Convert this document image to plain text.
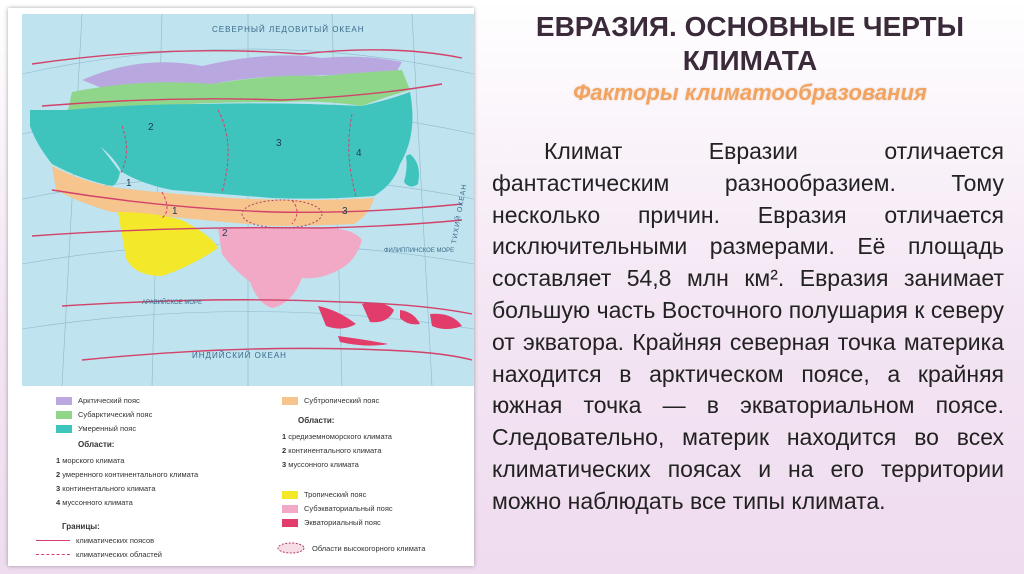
СЕВЕРНЫЙ ЛЕДОВИТЫЙ ОКЕАН
ИНДИЙСКИЙ ОКЕАН
ТИХИЙ ОКЕАН
ФИЛИППИНСКОЕ МОРЕ
АРАВИЙСКОЕ МОРЕ
2
3
4
1
1
2
3
Арктический пояс
Субарктический пояс
Умеренный пояс
Области:
1 морского климата
2 умеренного континентального климата
3 континентального климата
4 муссонного климата
Субтропический пояс
Области:
1 средиземноморского климата
2 континентального климата
3 муссонного климата
Границы:
климатических поясов
климатических областей
Тропический пояс
Субэкваториальный пояс
Экваториальный пояс
Области высокогорного климата
ЕВРАЗИЯ. ОСНОВНЫЕ ЧЕРТЫ КЛИМАТА
Факторы климатообразования

Климат Евразии отличается фантастическим разнообразием. Тому несколько причин. Евразия отличается исключительными размерами. Её площадь составляет 54,8 млн км². Евразия занимает большую часть Восточного полушария к северу от экватора. Крайняя северная точка материка находится в арктическом поясе, а крайняя южная точка — в экваториальном поясе. Следовательно, материк находится во всех климатических поясах и на его территории можно наблюдать все типы климата.
